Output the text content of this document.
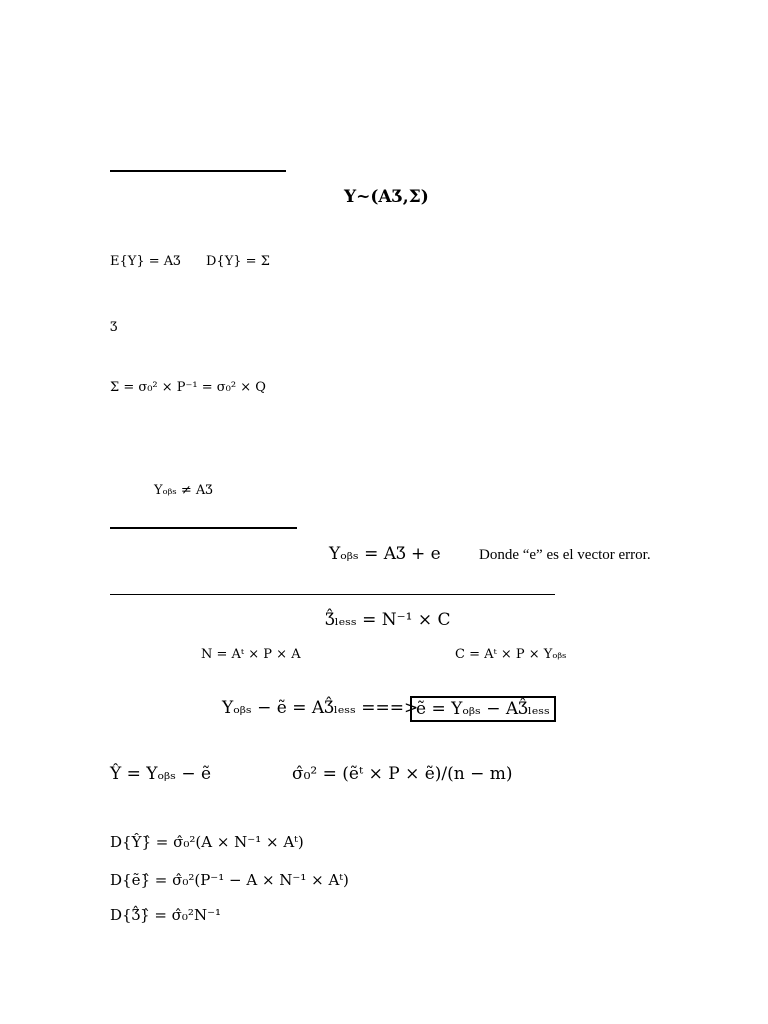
Y~(AƷ,Σ)
E{Y} = AƷ D{Y} = Σ
Ʒ
Σ = σ₀² × P⁻¹ = σ₀² × Q
Yₒᵦₛ ≠ AƷ
Yₒᵦₛ = AƷ + e	Donde “e” es el vector error.
Ʒ̂ₗₑₛₛ = N⁻¹ × C
N = Aᵗ × P × A	C = Aᵗ × P × Yₒᵦₛ
Yₒᵦₛ − ẽ = AƷ̂ₗₑₛₛ ===>
ẽ = Yₒᵦₛ − AƷ̂ₗₑₛₛ
Ŷ = Yₒᵦₛ − ẽ	σ̂₀² = (ẽᵗ × P × ẽ)/(n − m)
D{Ŷ}̂ = σ̂₀²(A × N⁻¹ × Aᵗ)
D{ẽ}̂ = σ̂₀²(P⁻¹ − A × N⁻¹ × Aᵗ)
D{Ʒ̂}̂ = σ̂₀²N⁻¹
